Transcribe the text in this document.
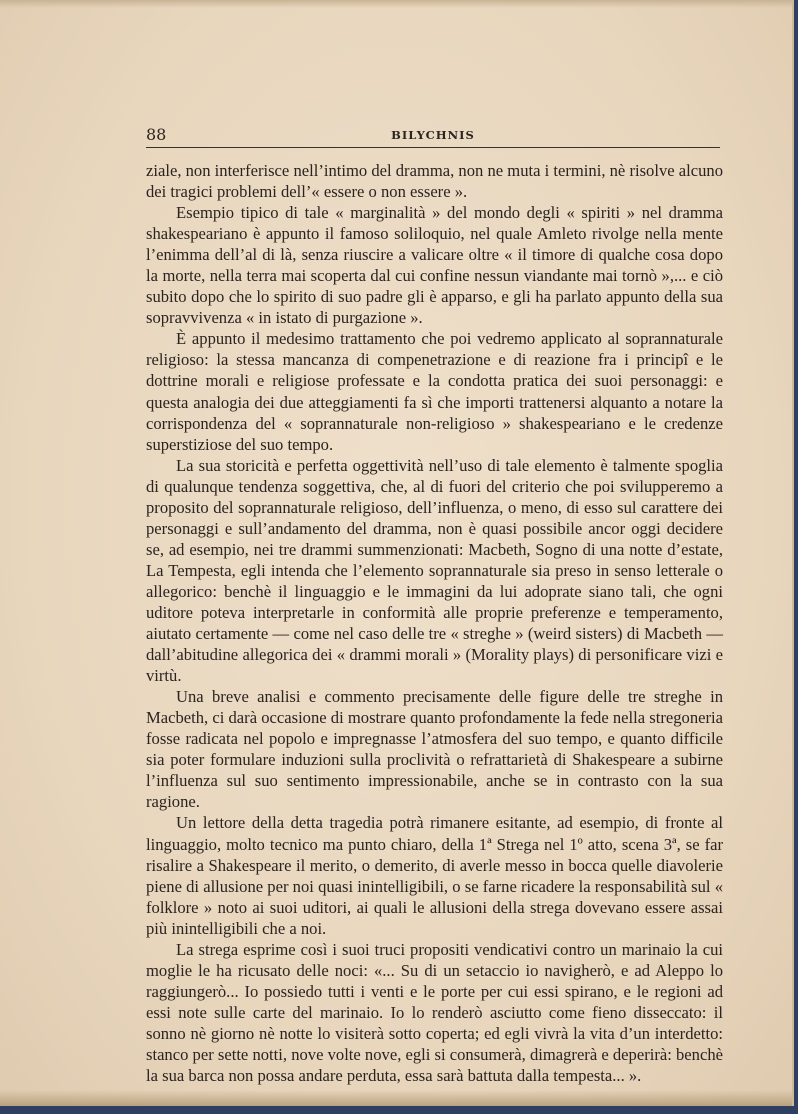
88	BILYCHNIS

ziale, non interferisce nell’intimo del dramma, non ne muta i termini, nè risolve alcuno dei tragici problemi dell’« essere o non essere ».

Esempio tipico di tale « marginalità » del mondo degli « spiriti » nel dramma shakespeariano è appunto il famoso soliloquio, nel quale Amleto rivolge nella mente l’enimma dell’al di là, senza riuscire a valicare oltre « il timore di qualche cosa dopo la morte, nella terra mai scoperta dal cui confine nessun viandante mai tornò »,... e ciò subito dopo che lo spirito di suo padre gli è apparso, e gli ha parlato appunto della sua sopravvivenza « in istato di purgazione ».

È appunto il medesimo trattamento che poi vedremo applicato al soprannaturale religioso: la stessa mancanza di compenetrazione e di reazione fra i principî e le dottrine morali e religiose professate e la condotta pratica dei suoi personaggi: e questa analogia dei due atteggiamenti fa sì che importi trattenersi alquanto a notare la corrispondenza del « soprannaturale non-religioso » shakespeariano e le credenze superstiziose del suo tempo.

La sua storicità e perfetta oggettività nell’uso di tale elemento è talmente spoglia di qualunque tendenza soggettiva, che, al di fuori del criterio che poi svilupperemo a proposito del soprannaturale religioso, dell’influenza, o meno, di esso sul carattere dei personaggi e sull’andamento del dramma, non è quasi possibile ancor oggi decidere se, ad esempio, nei tre drammi summenzionati: Macbeth, Sogno di una notte d’estate, La Tempesta, egli intenda che l’elemento soprannaturale sia preso in senso letterale o allegorico: benchè il linguaggio e le immagini da lui adoprate siano tali, che ogni uditore poteva interpretarle in conformità alle proprie preferenze e temperamento, aiutato certamente — come nel caso delle tre « streghe » (weird sisters) di Macbeth — dall’abitudine allegorica dei « drammi morali » (Morality plays) di personificare vizi e virtù.

Una breve analisi e commento precisamente delle figure delle tre streghe in Macbeth, ci darà occasione di mostrare quanto profondamente la fede nella stregoneria fosse radicata nel popolo e impregnasse l’atmosfera del suo tempo, e quanto difficile sia poter formulare induzioni sulla proclività o refrattarietà di Shakespeare a subirne l’influenza sul suo sentimento impressionabile, anche se in contrasto con la sua ragione.

Un lettore della detta tragedia potrà rimanere esitante, ad esempio, di fronte al linguaggio, molto tecnico ma punto chiaro, della 1ª Strega nel 1º atto, scena 3ª, se far risalire a Shakespeare il merito, o demerito, di averle messo in bocca quelle diavolerie piene di allusione per noi quasi inintelligibili, o se farne ricadere la responsabilità sul « folklore » noto ai suoi uditori, ai quali le allusioni della strega dovevano essere assai più inintelligibili che a noi.

La strega esprime così i suoi truci propositi vendicativi contro un marinaio la cui moglie le ha ricusato delle noci: «... Su di un setaccio io navigherò, e ad Aleppo lo raggiungerò... Io possiedo tutti i venti e le porte per cui essi spirano, e le regioni ad essi note sulle carte del marinaio. Io lo renderò asciutto come fieno disseccato: il sonno nè giorno nè notte lo visiterà sotto coperta; ed egli vivrà la vita d’un interdetto: stanco per sette notti, nove volte nove, egli si consumerà, dimagrerà e deperirà: benchè la sua barca non possa andare perduta, essa sarà battuta dalla tempesta... ».
